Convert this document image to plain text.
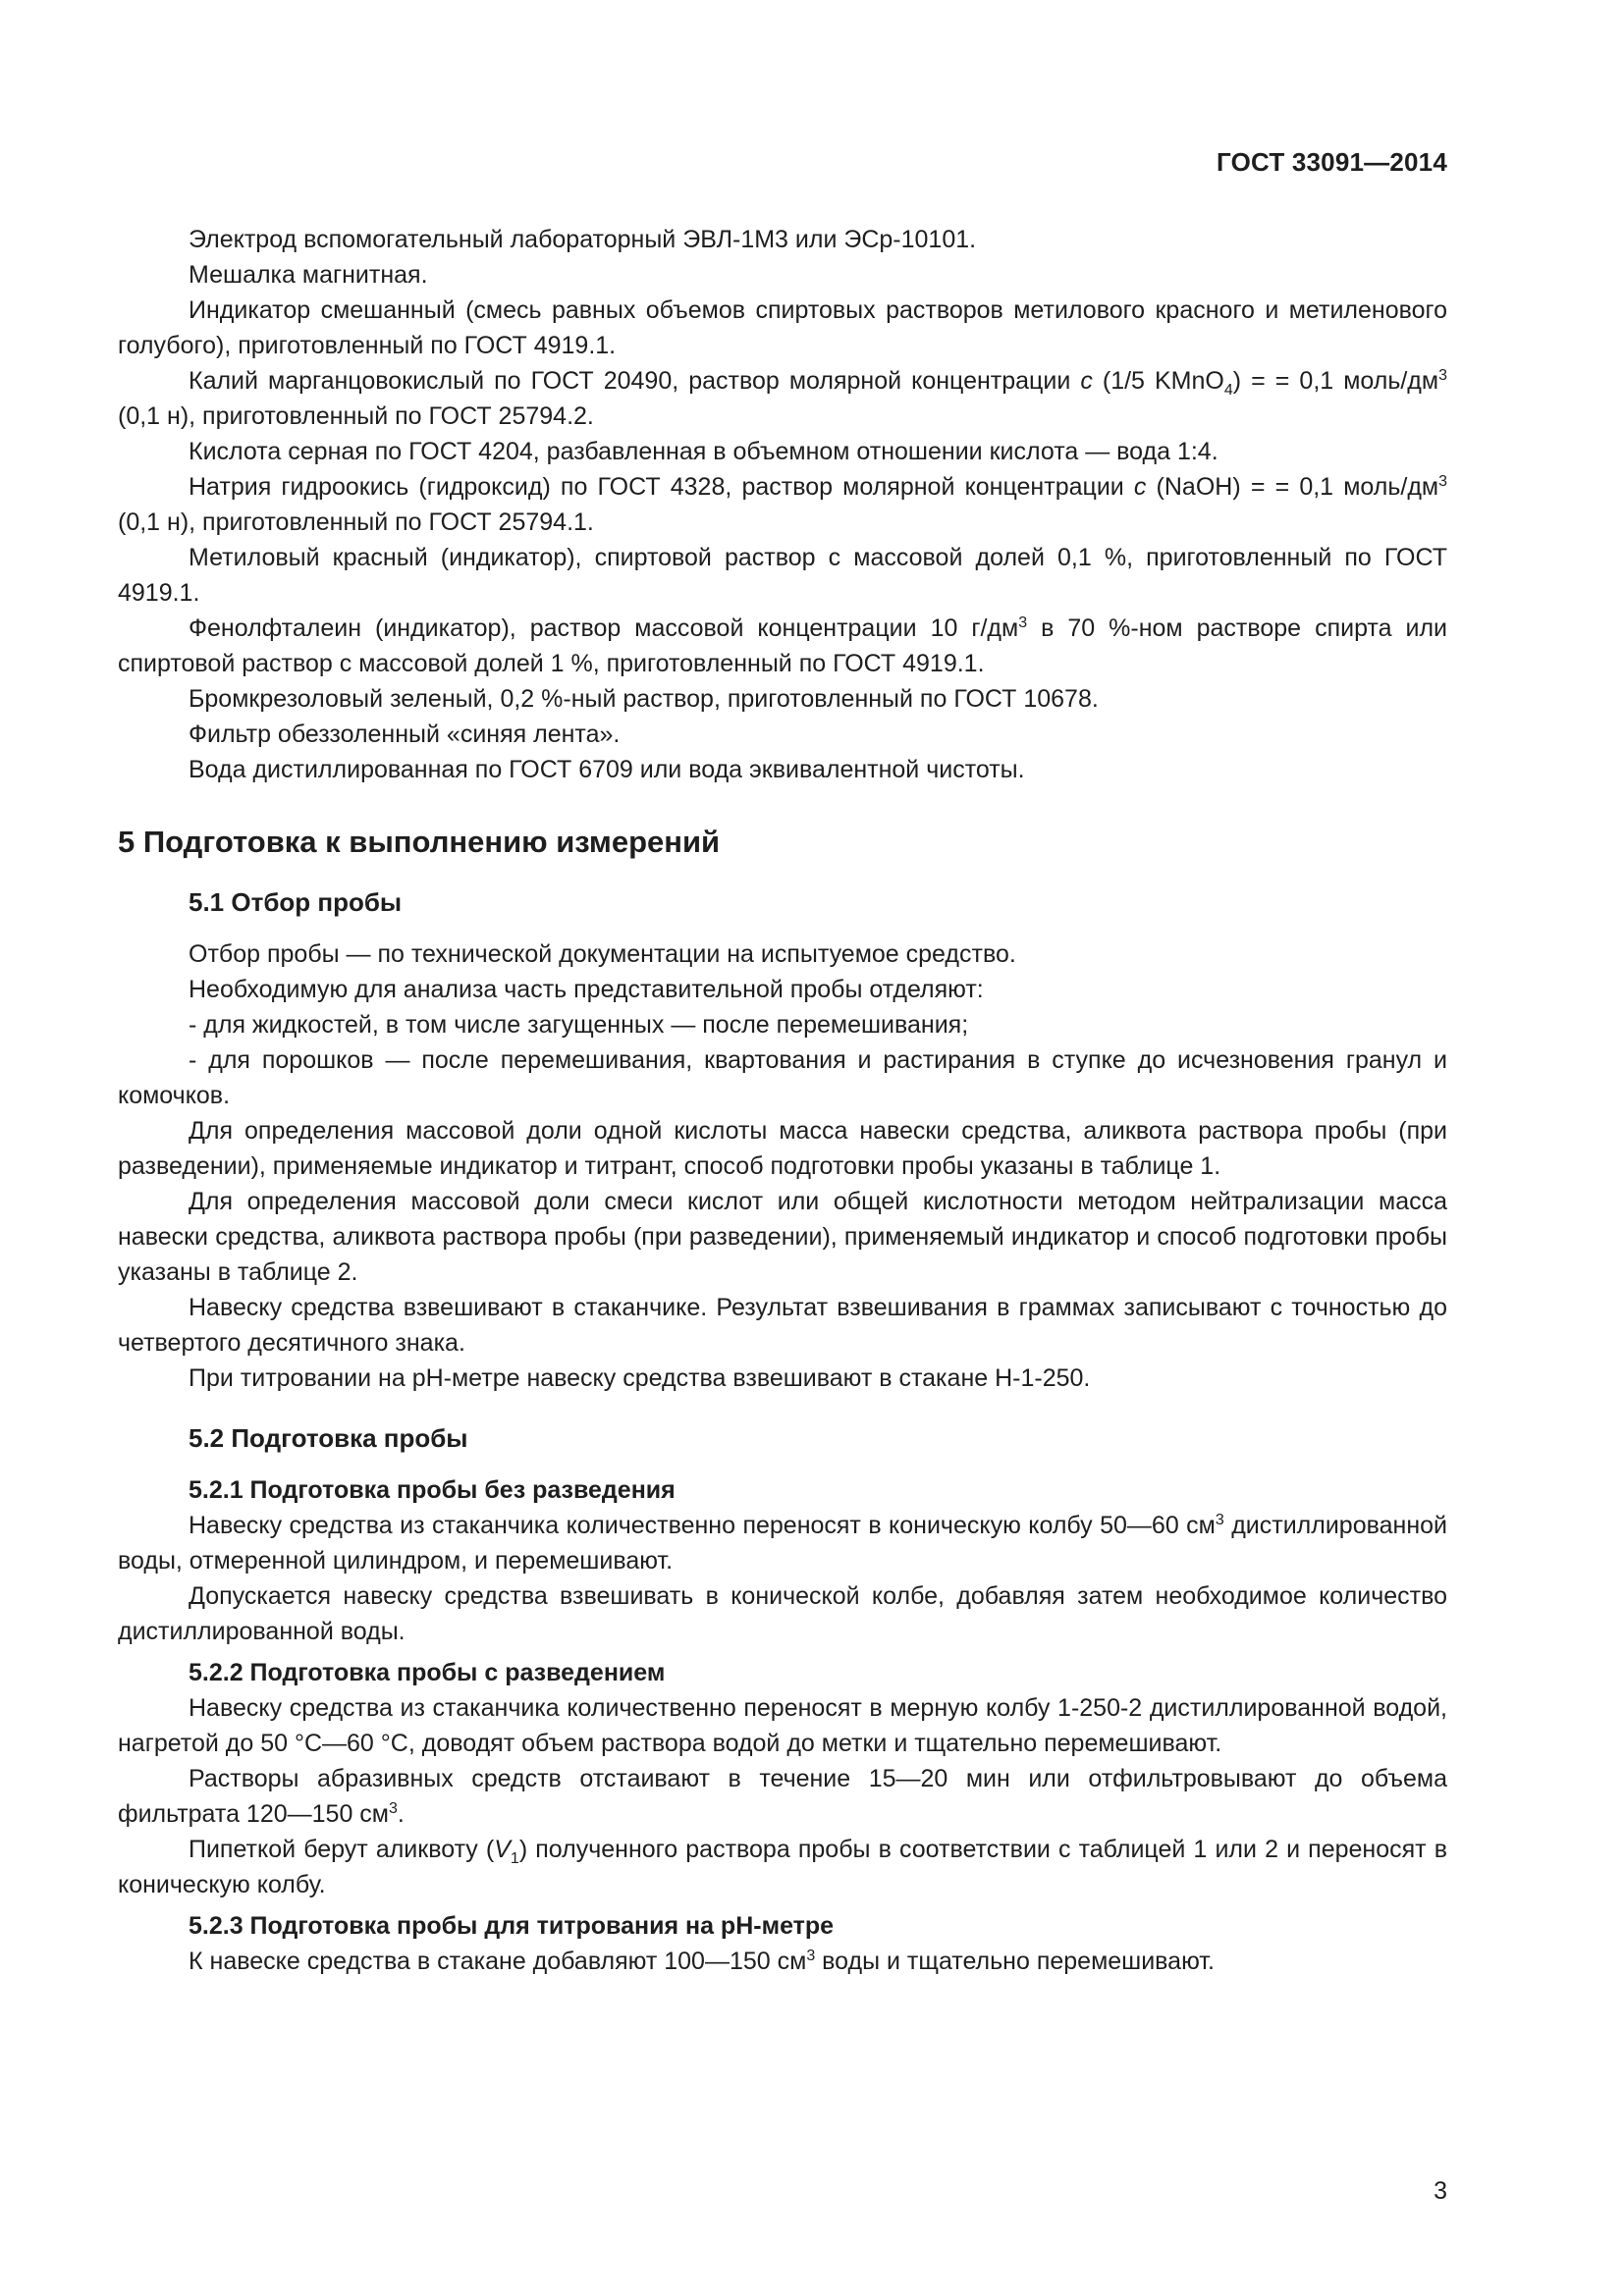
ГОСТ 33091—2014

Электрод вспомогательный лабораторный ЭВЛ-1М3 или ЭСр-10101.

Мешалка магнитная.

Индикатор смешанный (смесь равных объемов спиртовых растворов метилового красного и метиленового голубого), приготовленный по ГОСТ 4919.1.

Калий марганцовокислый по ГОСТ 20490, раствор молярной концентрации с (1/5 KMnO$_4$) = = 0,1 моль/$дм^3$ (0,1 н), приготовленный по ГОСТ 25794.2.

Кислота серная по ГОСТ 4204, разбавленная в объемном отношении кислота — вода 1:4.

Натрия гидроокись (гидроксид) по ГОСТ 4328, раствор молярной концентрации с (NaOH) = = 0,1 моль/$дм^3$ (0,1 н), приготовленный по ГОСТ 25794.1.

Метиловый красный (индикатор), спиртовой раствор с массовой долей 0,1 %, приготовленный по ГОСТ 4919.1.

Фенолфталеин (индикатор), раствор массовой концентрации 10 $г/дм^3$ в 70 %-ном растворе спирта или спиртовой раствор с массовой долей 1 %, приготовленный по ГОСТ 4919.1.

Бромкрезоловый зеленый, 0,2 %-ный раствор, приготовленный по ГОСТ 10678.

Фильтр обеззоленный «синяя лента».

Вода дистиллированная по ГОСТ 6709 или вода эквивалентной чистоты.

5 Подготовка к выполнению измерений
5.1 Отбор пробы

Отбор пробы — по технической документации на испытуемое средство.

Необходимую для анализа часть представительной пробы отделяют:

- для жидкостей, в том числе загущенных — после перемешивания;

- для порошков — после перемешивания, квартования и растирания в ступке до исчезновения гранул и комочков.

Для определения массовой доли одной кислоты масса навески средства, аликвота раствора пробы (при разведении), применяемые индикатор и титрант, способ подготовки пробы указаны в таблице 1.

Для определения массовой доли смеси кислот или общей кислотности методом нейтрализации масса навески средства, аликвота раствора пробы (при разведении), применяемый индикатор и способ подготовки пробы указаны в таблице 2.

Навеску средства взвешивают в стаканчике. Результат взвешивания в граммах записывают с точностью до четвертого десятичного знака.

При титровании на рН-метре навеску средства взвешивают в стакане Н-1-250.

5.2 Подготовка пробы
5.2.1 Подготовка пробы без разведения

Навеску средства из стаканчика количественно переносят в коническую колбу 50—60 $см^3$ дистиллированной воды, отмеренной цилиндром, и перемешивают.

Допускается навеску средства взвешивать в конической колбе, добавляя затем необходимое количество дистиллированной воды.

5.2.2 Подготовка пробы с разведением

Навеску средства из стаканчика количественно переносят в мерную колбу 1-250-2 дистиллированной водой, нагретой до 50 °С—60 °С, доводят объем раствора водой до метки и тщательно перемешивают.

Растворы абразивных средств отстаивают в течение 15—20 мин или отфильтровывают до объема фильтрата 120—150 $см^3$.

Пипеткой берут аликвоту $(V_1)$ полученного раствора пробы в соответствии с таблицей 1 или 2 и переносят в коническую колбу.

5.2.3 Подготовка пробы для титрования на рН-метре

К навеске средства в стакане добавляют 100—150 $см^3$ воды и тщательно перемешивают.

3
